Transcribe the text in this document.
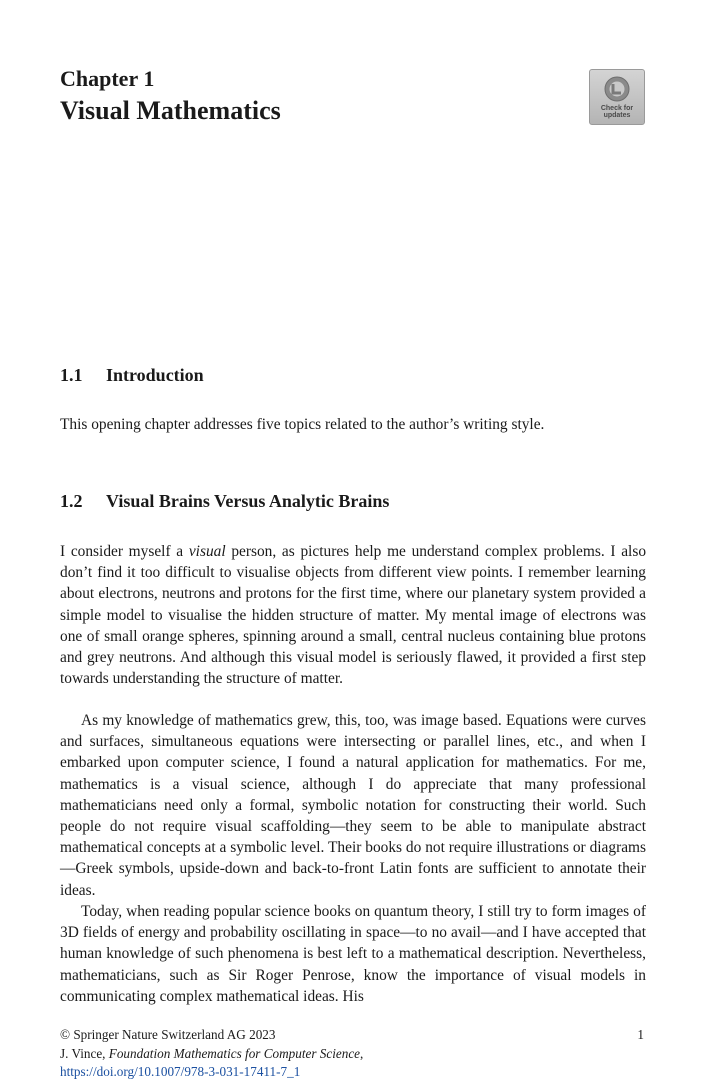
Chapter 1
Visual Mathematics	Check for
updates
1.1 Introduction

This opening chapter addresses five topics related to the author’s writing style.

1.2 Visual Brains Versus Analytic Brains

I consider myself a visual person, as pictures help me understand complex problems. I also don’t find it too difficult to visualise objects from different view points. I remember learning about electrons, neutrons and protons for the first time, where our planetary system provided a simple model to visualise the hidden structure of matter. My mental image of electrons was one of small orange spheres, spinning around a small, central nucleus containing blue protons and grey neutrons. And although this visual model is seriously flawed, it provided a first step towards understanding the structure of matter.

As my knowledge of mathematics grew, this, too, was image based. Equations were curves and surfaces, simultaneous equations were intersecting or parallel lines, etc., and when I embarked upon computer science, I found a natural application for mathematics. For me, mathematics is a visual science, although I do appreciate that many professional mathematicians need only a formal, symbolic notation for constructing their world. Such people do not require visual scaffolding—they seem to be able to manipulate abstract mathematical concepts at a symbolic level. Their books do not require illustrations or diagrams—Greek symbols, upside-down and back-to-front Latin fonts are sufficient to annotate their ideas.

Today, when reading popular science books on quantum theory, I still try to form images of 3D fields of energy and probability oscillating in space—to no avail—and I have accepted that human knowledge of such phenomena is best left to a mathematical description. Nevertheless, mathematicians, such as Sir Roger Penrose, know the importance of visual models in communicating complex mathematical ideas. His

© Springer Nature Switzerland AG 2023	1
J. Vince, Foundation Mathematics for Computer Science,
https://doi.org/10.1007/978-3-031-17411-7_1
